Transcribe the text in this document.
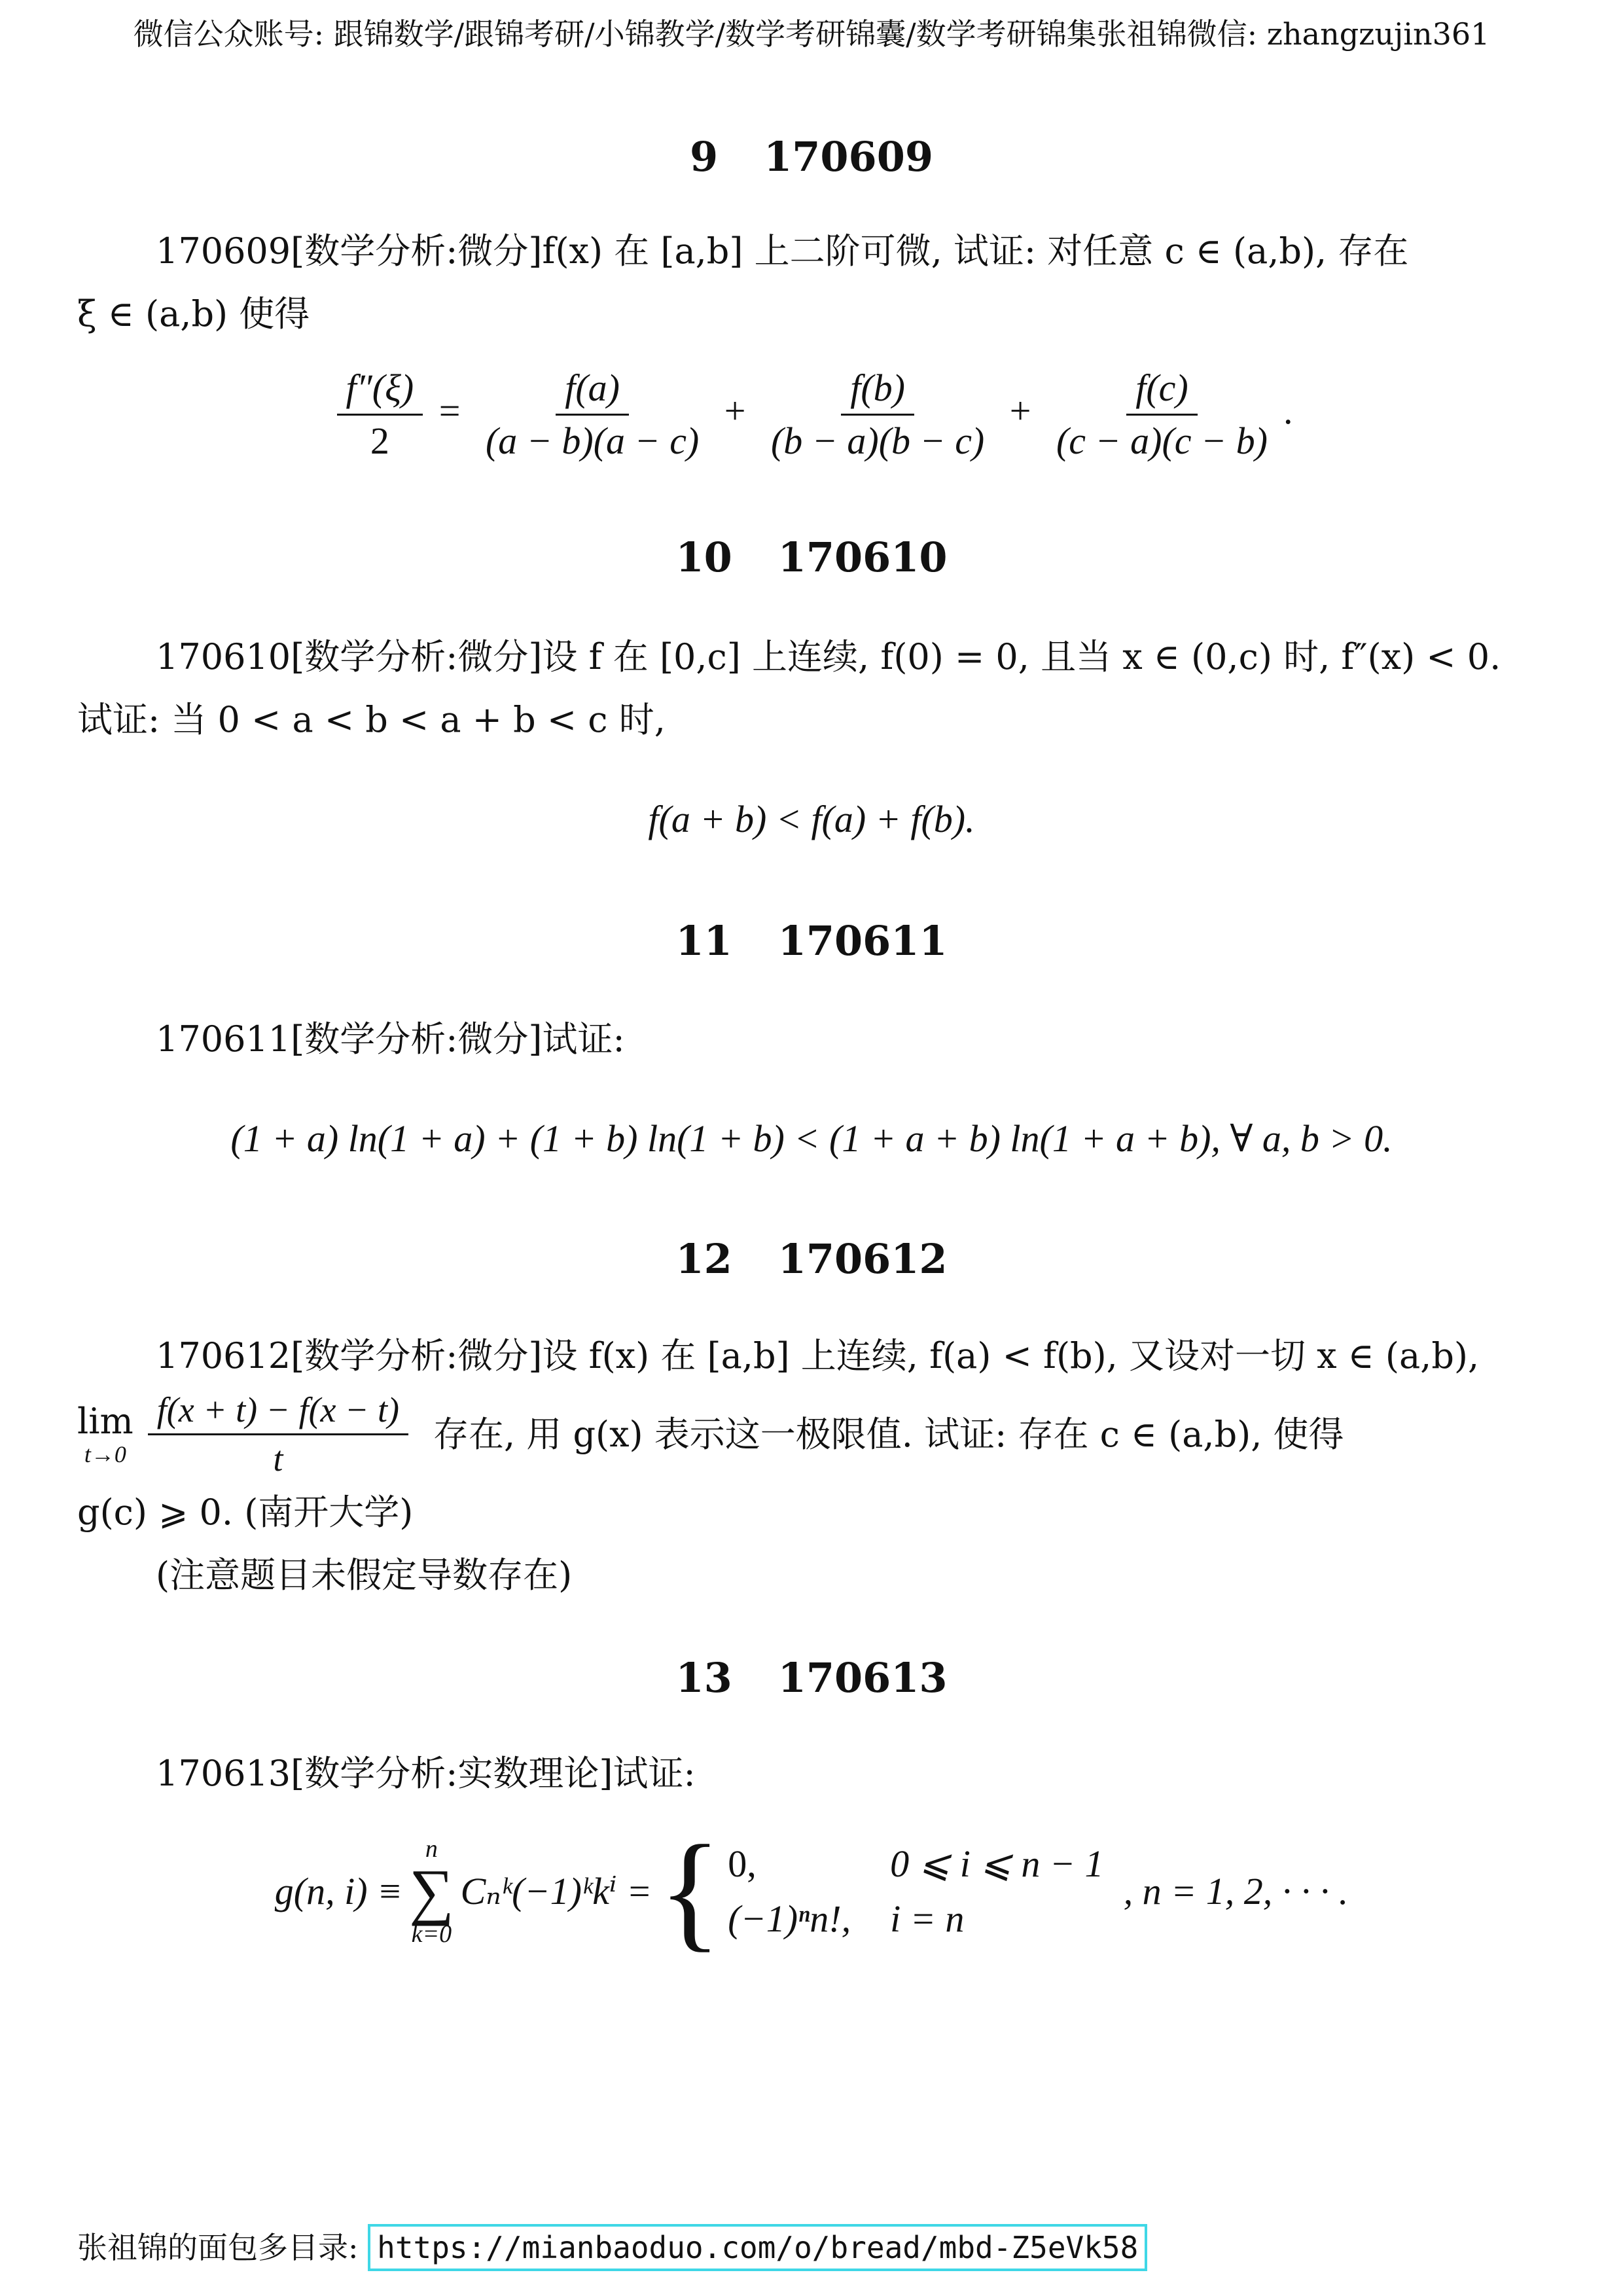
微信公众账号: 跟锦数学/跟锦考研/小锦教学/数学考研锦囊/数学考研锦集张祖锦微信: zhangzujin361
9 170609
170609[数学分析:微分]f(x) 在 [a,b] 上二阶可微, 试证: 对任意 c ∈ (a,b), 存在
ξ ∈ (a,b) 使得
$\frac{f''(\xi)}{2} = \frac{f(a)}{(a - b)(a - c)} + \frac{f(b)}{(b - a)(b - c)} + \frac{f(c)}{(c - a)(c - b)}$ .
10 170610
170610[数学分析:微分]设 f 在 [0,c] 上连续, f(0) = 0, 且当 x ∈ (0,c) 时, f″(x) < 0.
试证: 当 0 < a < b < a + b < c 时,
f(a + b) < f(a) + f(b).
11 170611
170611[数学分析:微分]试证:
(1 + a) ln(1 + a) + (1 + b) ln(1 + b) < (1 + a + b) ln(1 + a + b), ∀ a, b > 0.
12 170612
170612[数学分析:微分]设 f(x) 在 [a,b] 上连续, f(a) < f(b), 又设对一切 x ∈ (a,b),
lim
$t\to 0 \frac{f(x + t) - f(x - t)}{t}$ 存在, 用 g(x) 表示这一极限值. 试证: 存在 c ∈ (a,b), 使得
g(c) ⩾ 0. (南开大学)
(注意题目未假定导数存在)
13 170613
170613[数学分析:实数理论]试证:
g(n, i) ≡
n
∑
k=0
Cₙᵏ(−1)ᵏkⁱ = { 0,	0 ⩽ i ⩽ n − 1
(−1)ⁿn!, i = n
, n = 1, 2, · · · .
张祖锦的面包多目录: https://mianbaoduo.com/o/bread/mbd-Z5eVk58
